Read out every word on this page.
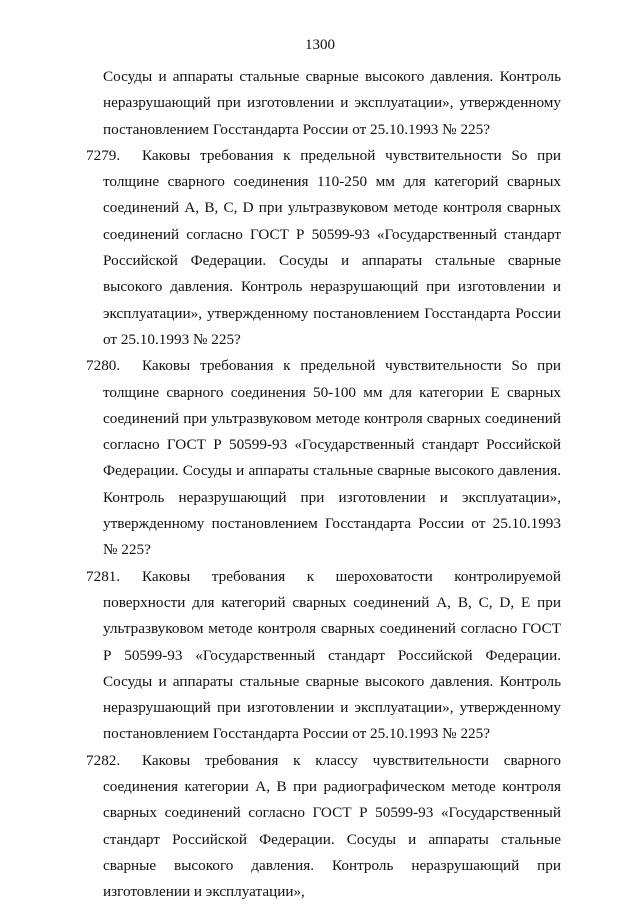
1300

Сосуды и аппараты стальные сварные высокого давления. Контроль неразрушающий при изготовлении и эксплуатации», утвержденному постановлением Госстандарта России от 25.10.1993 № 225?

7279.	Каковы требования к предельной чувствительности So при толщине сварного соединения 110-250 мм для категорий сварных соединений A, B, C, D при ультразвуковом методе контроля сварных соединений согласно ГОСТ Р 50599-93 «Государственный стандарт Российской Федерации. Сосуды и аппараты стальные сварные высокого давления. Контроль неразрушающий при изготовлении и эксплуатации», утвержденному постановлением Госстандарта России от 25.10.1993 № 225?

7280.	Каковы требования к предельной чувствительности So при толщине сварного соединения 50-100 мм для категории E сварных соединений при ультразвуковом методе контроля сварных соединений согласно ГОСТ Р 50599-93 «Государственный стандарт Российской Федерации. Сосуды и аппараты стальные сварные высокого давления. Контроль неразрушающий при изготовлении и эксплуатации», утвержденному постановлением Госстандарта России от 25.10.1993 № 225?

7281.	Каковы требования к шероховатости контролируемой поверхности для категорий сварных соединений A, B, C, D, E при ультразвуковом методе контроля сварных соединений согласно ГОСТ Р 50599-93 «Государственный стандарт Российской Федерации. Сосуды и аппараты стальные сварные высокого давления. Контроль неразрушающий при изготовлении и эксплуатации», утвержденному постановлением Госстандарта России от 25.10.1993 № 225?

7282.	Каковы требования к классу чувствительности сварного соединения категории A, B при радиографическом методе контроля сварных соединений согласно ГОСТ Р 50599-93 «Государственный стандарт Российской Федерации. Сосуды и аппараты стальные сварные высокого давления. Контроль неразрушающий при изготовлении и эксплуатации»,
